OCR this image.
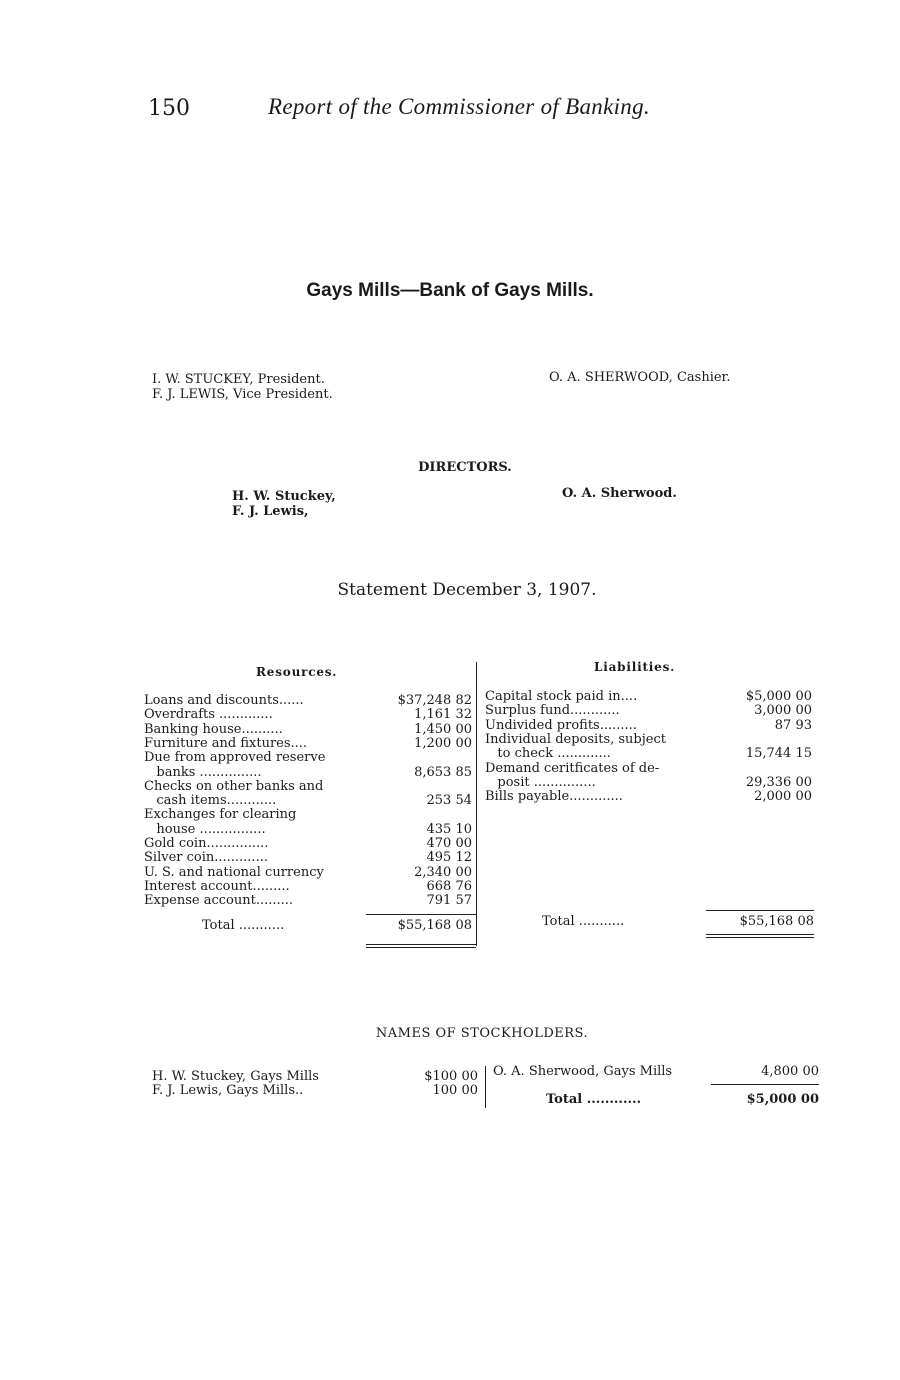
150	Report of the Commissioner of Banking.
Gays Mills—Bank of Gays Mills.
I. W. STUCKEY, President.
F. J. LEWIS, Vice President.
O. A. SHERWOOD, Cashier.
DIRECTORS.
H. W. Stuckey,
F. J. Lewis,
O. A. Sherwood.
Statement December 3, 1907.
Resources.	Liabilities.
Loans and discounts......	$37,248 82
Overdrafts .............	1,161 32
Banking house..........	1,450 00
Furniture and fixtures....	1,200 00
Due from approved reserve
banks ...............	8,653 85
Checks on other banks and
cash items............	253 54
Exchanges for clearing
house ................	435 10
Gold coin...............	470 00
Silver coin.............	495 12
U. S. and national currency	2,340 00
Interest account.........	668 76
Expense account.........	791 57
Capital stock paid in....	$5,000 00
Surplus fund............	3,000 00
Undivided profits.........	87 93
Individual deposits, subject
to check .............	15,744 15
Demand ceritficates of de-
posit ...............	29,336 00
Bills payable.............	2,000 00
Total ...........	$55,168 08	Total ...........	$55,168 08
NAMES OF STOCKHOLDERS.
H. W. Stuckey, Gays Mills	$100 00
F. J. Lewis, Gays Mills..	100 00
O. A. Sherwood, Gays Mills	4,800 00
Total ............	$5,000 00
